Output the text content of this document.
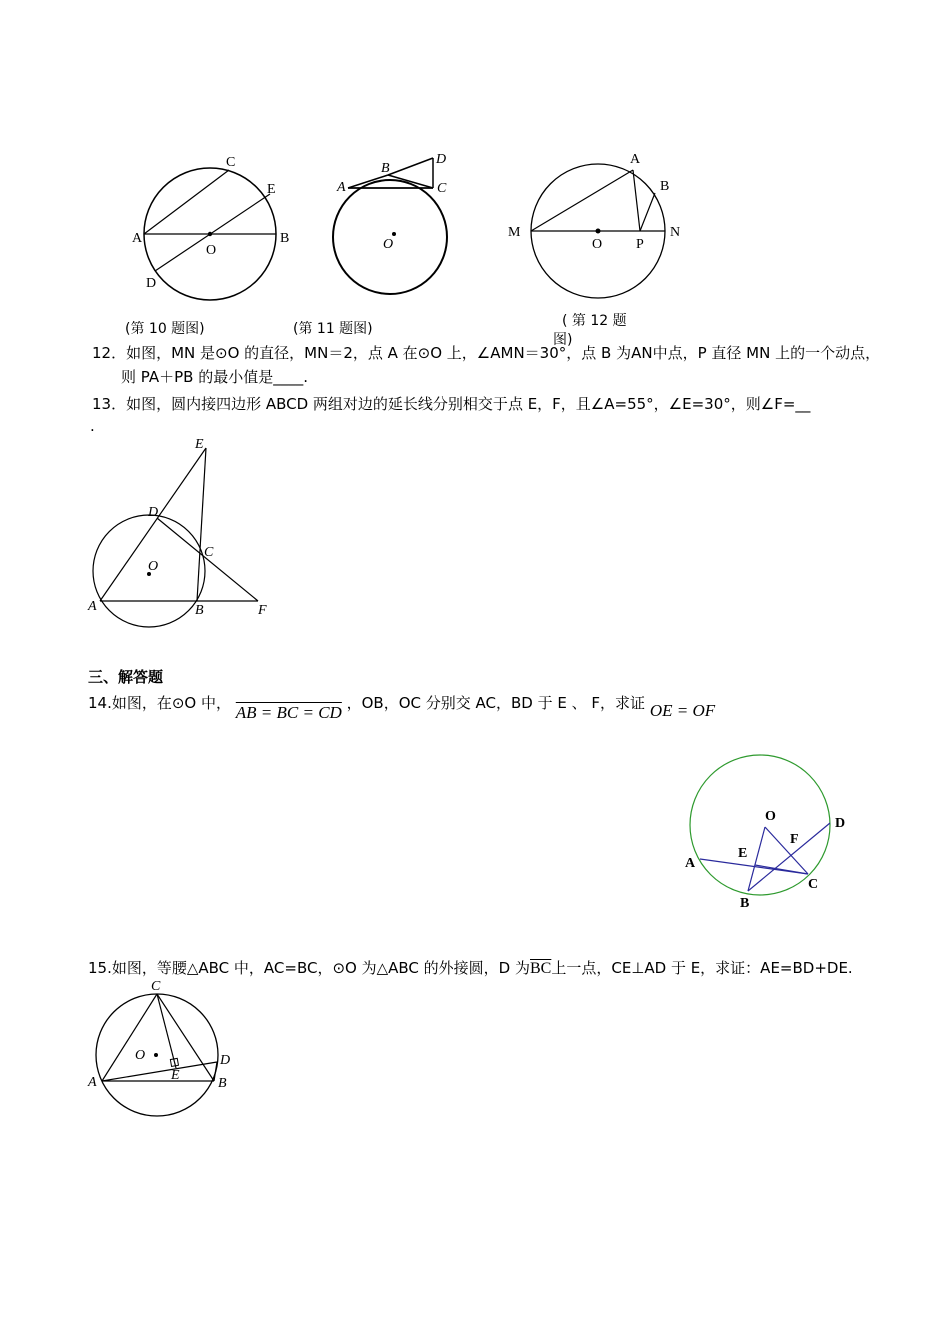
A	B
C
E
O
D
A
B
C
D
O
A
B
M	N
O P
(第 10 题图)	(第 11 题图)	( 第 12 题
图)
12．如图，MN 是⊙O 的直径，MN＝2，点 A 在⊙O 上，∠AMN＝30°，点 B 为AN中点，P 直径 MN 上的一个动点，
则 PA＋PB 的最小值是____.
13．如图，圆内接四边形 ABCD 两组对边的延长线分别相交于点 E，F，且∠A=55°，∠E=30°，则∠F=__
.
E
D
C
O
A	B	F
三、解答题
14.如图，在⊙O 中， AB = BC = CD ，OB，OC 分别交 AC，BD 于 E 、 F，求证 OE = OF
O	D
F
E
A
C
B
15.如图，等腰△ABC 中，AC=BC，⊙O 为△ABC 的外接圆，D 为$\overline{BC}$上一点，CE⊥AD 于 E，求证：AE=BD+DE.
C
O	D
E
A	B
